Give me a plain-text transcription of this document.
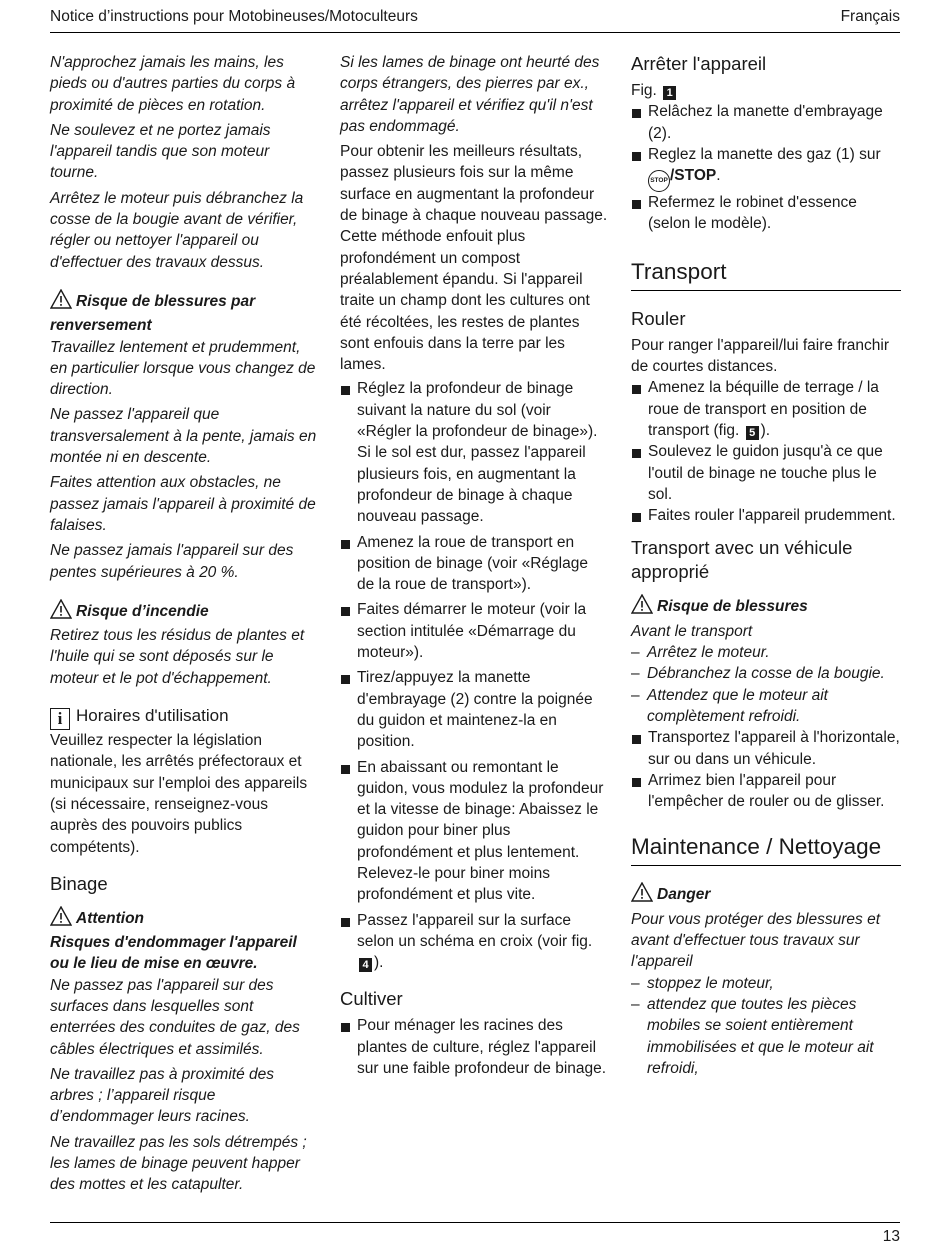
Notice d’instructions pour Motobineuses/Motoculteurs	Français

N'approchez jamais les mains, les pieds ou d'autres parties du corps à proximité de pièces en rotation.

Ne soulevez et ne portez jamais l'appareil tandis que son moteur tourne.

Arrêtez le moteur puis débranchez la cosse de la bougie avant de vérifier, régler ou nettoyer l'appareil ou d'effectuer des travaux dessus.

Risque de blessures par renversement

Travaillez lentement et prudemment, en particulier lorsque vous changez de direction.

Ne passez l'appareil que transversalement à la pente, jamais en montée ni en descente.

Faites attention aux obstacles, ne passez jamais l'appareil à proximité de falaises.

Ne passez jamais l'appareil sur des pentes supérieures à 20 %.

Risque d’incendie

Retirez tous les résidus de plantes et l'huile qui se sont déposés sur le moteur et le pot d'échappement.

i Horaires d'utilisation

Veuillez respecter la législation nationale, les arrêtés préfectoraux et municipaux sur l'emploi des appareils (si nécessaire, renseignez-vous auprès des pouvoirs publics compétents).

Binage

Attention

Risques d'endommager l'appareil ou le lieu de mise en œuvre.

Ne passez pas l'appareil sur des surfaces dans lesquelles sont enterrées des conduites de gaz, des câbles électriques et assimilés.

Ne travaillez pas à proximité des arbres ; l’appareil risque d’endommager leurs racines.

Ne travaillez pas les sols détrempés ; les lames de binage peuvent happer des mottes et les catapulter.

Si les lames de binage ont heurté des corps étrangers, des pierres par ex., arrêtez l'appareil et vérifiez qu'il n'est pas endommagé.

Pour obtenir les meilleurs résultats, passez plusieurs fois sur la même surface en augmentant la profondeur de binage à chaque nouveau passage. Cette méthode enfouit plus profondément un compost préalablement épandu. Si l'appareil traite un champ dont les cultures ont été récoltées, les restes de plantes sont enfouis dans la terre par les lames.

Réglez la profondeur de binage suivant la nature du sol (voir «Régler la profondeur de binage»). Si le sol est dur, passez l'appareil plusieurs fois, en augmentant la profondeur de binage à chaque nouveau passage.
Amenez la roue de transport en position de binage (voir «Réglage de la roue de transport»).
Faites démarrer le moteur (voir la section intitulée «Démarrage du moteur»).
Tirez/appuyez la manette d'embrayage (2) contre la poignée du guidon et maintenez-la en position.
En abaissant ou remontant le guidon, vous modulez la profondeur et la vitesse de binage: Abaissez le guidon pour biner plus profondément et plus lentement. Relevez-le pour biner moins profondément et plus vite.
Passez l'appareil sur la surface selon un schéma en croix (voir fig. 4 ).
Cultiver
Pour ménager les racines des plantes de culture, réglez l'appareil sur une faible profondeur de binage.
Arrêter l'appareil

Fig. 1

Relâchez la manette d'embrayage (2).
Reglez la manette des gaz (1) sur STOP /STOP.
Refermez le robinet d'essence (selon le modèle).
Transport
Rouler

Pour ranger l'appareil/lui faire franchir de courtes distances.

Amenez la béquille de terrage / la roue de transport en position de transport (fig. 5 ).
Soulevez le guidon jusqu'à ce que l'outil de binage ne touche plus le sol.
Faites rouler l'appareil prudemment.
Transport avec un véhicule approprié

Risque de blessures

Avant le transport

– Arrêtez le moteur.
– Débranchez la cosse de la bougie.
– Attendez que le moteur ait complètement refroidi.
Transportez l'appareil à l'horizontale, sur ou dans un véhicule.
Arrimez bien l'appareil pour l'empêcher de rouler ou de glisser.
Maintenance / Nettoyage

Danger

Pour vous protéger des blessures et avant d'effectuer tous travaux sur l'appareil

– stoppez le moteur,
– attendez que toutes les pièces mobiles se soient entièrement immobilisées et que le moteur ait refroidi,
13
